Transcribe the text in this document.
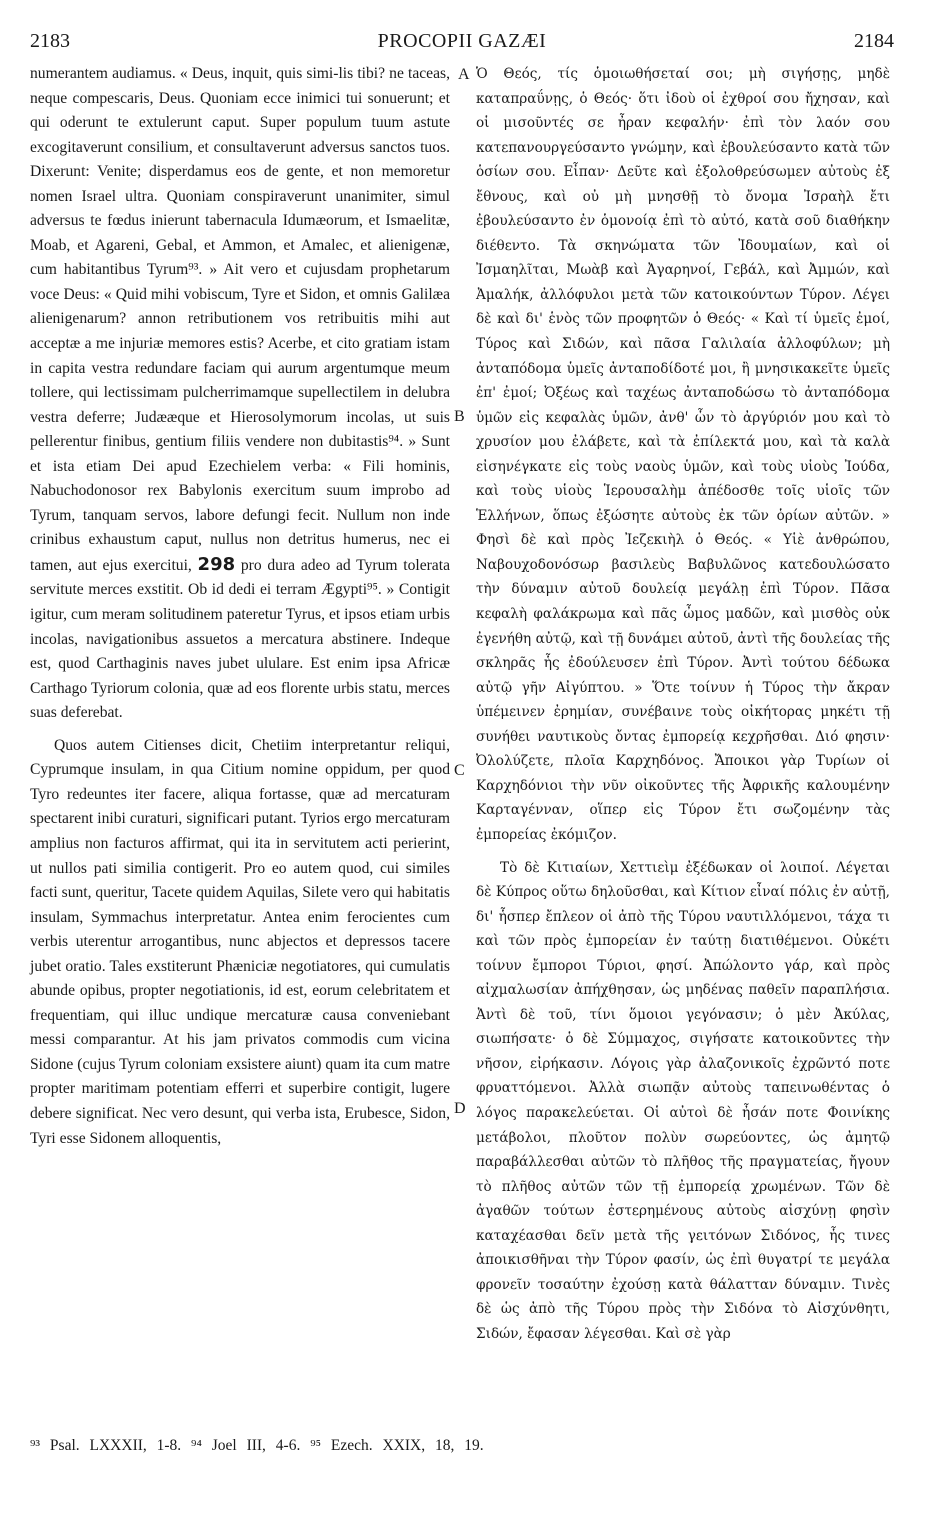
2183	PROCOPII GAZÆI	2184

numerantem audiamus. « Deus, inquit, quis simi-lis tibi? ne taceas, neque compescaris, Deus. Quoniam ecce inimici tui sonuerunt; et qui oderunt te extulerunt caput. Super populum tuum astute excogitaverunt consilium, et consultaverunt adversus sanctos tuos. Dixerunt: Venite; disperdamus eos de gente, et non memoretur nomen Israel ultra. Quoniam conspiraverunt unanimiter, simul adversus te fœdus inierunt tabernacula Idumæorum, et Ismaelitæ, Moab, et Agareni, Gebal, et Ammon, et Amalec, et alienigenæ, cum habitantibus Tyrum⁹³. » Ait vero et cujusdam prophetarum voce Deus: « Quid mihi vobiscum, Tyre et Sidon, et omnis Galilæa alienigenarum? annon retributionem vos retribuitis mihi aut acceptæ a me injuriæ memores estis? Acerbe, et cito gratiam istam in capita vestra redundare faciam qui aurum argentumque meum tollere, qui lectissimam pulcherrimamque supellectilem in delubra vestra deferre; Judææque et Hierosolymorum incolas, ut suis pellerentur finibus, gentium filiis vendere non dubitastis⁹⁴. » Sunt et ista etiam Dei apud Ezechielem verba: « Fili hominis, Nabuchodonosor rex Babylonis exercitum suum improbo ad Tyrum, tanquam servos, labore defungi fecit. Nullum non inde crinibus exhaustum caput, nullus non detritus humerus, nec ei tamen, aut ejus exercitui, 298 pro dura adeo ad Tyrum tolerata servitute merces exstitit. Ob id dedi ei terram Ægypti⁹⁵. » Contigit igitur, cum meram solitudinem pateretur Tyrus, et ipsos etiam urbis incolas, navigationibus assuetos a mercatura abstinere. Indeque est, quod Carthaginis naves jubet ululare. Est enim ipsa Africæ Carthago Tyriorum colonia, quæ ad eos florente urbis statu, merces suas deferebat.

Quos autem Citienses dicit, Chetiim interpretantur reliqui, Cyprumque insulam, in qua Citium nomine oppidum, per quod Tyro redeuntes iter facere, aliqua fortasse, quæ ad mercaturam spectarent inibi curaturi, significari putant. Tyrios ergo mercaturam amplius non facturos affirmat, qui ita in servitutem acti perierint, ut nullos pati similia contigerit. Pro eo autem quod, cui similes facti sunt, queritur, Tacete quidem Aquilas, Silete vero qui habitatis insulam, Symmachus interpretatur. Antea enim ferocientes cum verbis uterentur arrogantibus, nunc abjectos et depressos tacere jubet oratio. Tales exstiterunt Phæniciæ negotiatores, qui cumulatis abunde opibus, propter negotiationis, id est, eorum celebritatem et frequentiam, qui illuc undique mercaturæ causa conveniebant messi comparantur. At his jam privatos commodis cum vicina Sidone (cujus Tyrum coloniam exsistere aiunt) quam ita cum matre propter maritimam potentiam efferri et superbire contigit, lugere debere significat. Nec vero desunt, qui verba ista, Erubesce, Sidon, Tyri esse Sidonem alloquentis,

A
B
C
D

Ὁ Θεός, τίς ὁμοιωθήσεταί σοι; μὴ σιγήσῃς, μηδὲ καταπραΰνῃς, ὁ Θεός· ὅτι ἰδοὺ οἱ ἐχθροί σου ἤχησαν, καὶ οἱ μισοῦντές σε ἦραν κεφαλήν· ἐπὶ τὸν λαόν σου κατεπανουργεύσαντο γνώμην, καὶ ἐβουλεύσαντο κατὰ τῶν ὁσίων σου. Εἶπαν· Δεῦτε καὶ ἐξολοθρεύσωμεν αὐτοὺς ἐξ ἔθνους, καὶ οὐ μὴ μνησθῇ τὸ ὄνομα Ἰσραὴλ ἔτι ἐβουλεύσαντο ἐν ὁμονοίᾳ ἐπὶ τὸ αὐτό, κατὰ σοῦ διαθήκην διέθεντο. Τὰ σκηνώματα τῶν Ἰδουμαίων, καὶ οἱ Ἰσμαηλῖται, Μωὰβ καὶ Ἀγαρηνοί, Γεβάλ, καὶ Ἀμμών, καὶ Ἀμαλήκ, ἀλλόφυλοι μετὰ τῶν κατοικούντων Τύρον. Λέγει δὲ καὶ δι' ἑνὸς τῶν προφητῶν ὁ Θεός· « Καὶ τί ὑμεῖς ἐμοί, Τύρος καὶ Σιδών, καὶ πᾶσα Γαλιλαία ἀλλοφύλων; μὴ ἀνταπόδομα ὑμεῖς ἀνταποδίδοτέ μοι, ἢ μνησικακεῖτε ὑμεῖς ἐπ' ἐμοί; Ὀξέως καὶ ταχέως ἀνταποδώσω τὸ ἀνταπόδομα ὑμῶν εἰς κεφαλὰς ὑμῶν, ἀνθ' ὧν τὸ ἀργύριόν μου καὶ τὸ χρυσίον μου ἐλάβετε, καὶ τὰ ἐπίλεκτά μου, καὶ τὰ καλὰ εἰσηνέγκατε εἰς τοὺς ναοὺς ὑμῶν, καὶ τοὺς υἱοὺς Ἰούδα, καὶ τοὺς υἱοὺς Ἱερουσαλὴμ ἀπέδοσθε τοῖς υἱοῖς τῶν Ἑλλήνων, ὅπως ἐξώσητε αὐτοὺς ἐκ τῶν ὁρίων αὐτῶν. » Φησὶ δὲ καὶ πρὸς Ἰεζεκιὴλ ὁ Θεός. « Υἱὲ ἀνθρώπου, Ναβουχοδονόσωρ βασιλεὺς Βαβυλῶνος κατεδουλώσατο τὴν δύναμιν αὐτοῦ δουλείᾳ μεγάλῃ ἐπὶ Τύρον. Πᾶσα κεφαλὴ φαλάκρωμα καὶ πᾶς ὦμος μαδῶν, καὶ μισθὸς οὐκ ἐγενήθη αὐτῷ, καὶ τῇ δυνάμει αὐτοῦ, ἀντὶ τῆς δουλείας τῆς σκληρᾶς ἧς ἐδούλευσεν ἐπὶ Τύρον. Ἀντὶ τούτου δέδωκα αὐτῷ γῆν Αἰγύπτου. » Ὅτε τοίνυν ἡ Τύρος τὴν ἄκραν ὑπέμεινεν ἐρημίαν, συνέβαινε τοὺς οἰκήτορας μηκέτι τῇ συνήθει ναυτικοὺς ὄντας ἐμπορείᾳ κεχρῆσθαι. Διό φησιν· Ὀλολύζετε, πλοῖα Καρχηδόνος. Ἄποικοι γὰρ Τυρίων οἱ Καρχηδόνιοι τὴν νῦν οἰκοῦντες τῆς Ἀφρικῆς καλουμένην Καρταγένναν, οἵπερ εἰς Τύρον ἔτι σωζομένην τὰς ἐμπορείας ἐκόμιζον.

Τὸ δὲ Κιτιαίων, Χεττιεὶμ ἐξέδωκαν οἱ λοιποί. Λέγεται δὲ Κύπρος οὕτω δηλοῦσθαι, καὶ Κίτιον εἶναί πόλις ἐν αὐτῇ, δι' ἧσπερ ἔπλεον οἱ ἀπὸ τῆς Τύρου ναυτιλλόμενοι, τάχα τι καὶ τῶν πρὸς ἐμπορείαν ἐν ταύτῃ διατιθέμενοι. Οὐκέτι τοίνυν ἔμποροι Τύριοι, φησί. Ἀπώλοντο γάρ, καὶ πρὸς αἰχμαλωσίαν ἀπήχθησαν, ὡς μηδένας παθεῖν παραπλήσια. Ἀντὶ δὲ τοῦ, τίνι ὅμοιοι γεγόνασιν; ὁ μὲν Ἀκύλας, σιωπήσατε· ὁ δὲ Σύμμαχος, σιγήσατε κατοικοῦντες τὴν νῆσον, εἰρήκασιν. Λόγοις γὰρ ἀλαζονικοῖς ἐχρῶντό ποτε φρυαττόμενοι. Ἀλλὰ σιωπᾷν αὐτοὺς ταπεινωθέντας ὁ λόγος παρακελεύεται. Οἱ αὐτοὶ δὲ ἦσάν ποτε Φοινίκης μετάβολοι, πλοῦτον πολὺν σωρεύοντες, ὡς ἀμητῷ παραβάλλεσθαι αὐτῶν τὸ πλῆθος τῆς πραγματείας, ἤγουν τὸ πλῆθος αὐτῶν τῶν τῇ ἐμπορείᾳ χρωμένων. Τῶν δὲ ἀγαθῶν τούτων ἐστερημένους αὐτοὺς αἰσχύνῃ φησὶν καταχέασθαι δεῖν μετὰ τῆς γειτόνων Σιδόνος, ἧς τινες ἀποικισθῆναι τὴν Τύρον φασίν, ὡς ἐπὶ θυγατρί τε μεγάλα φρονεῖν τοσαύτην ἐχούσῃ κατὰ θάλατταν δύναμιν. Τινὲς δὲ ὡς ἀπὸ τῆς Τύρου πρὸς τὴν Σιδόνα τὸ Αἰσχύνθητι, Σιδών, ἔφασαν λέγεσθαι. Καὶ σὲ γὰρ

⁹³ Psal. LXXXII, 1-8. ⁹⁴ Joel III, 4-6. ⁹⁵ Ezech. XXIX, 18, 19.
